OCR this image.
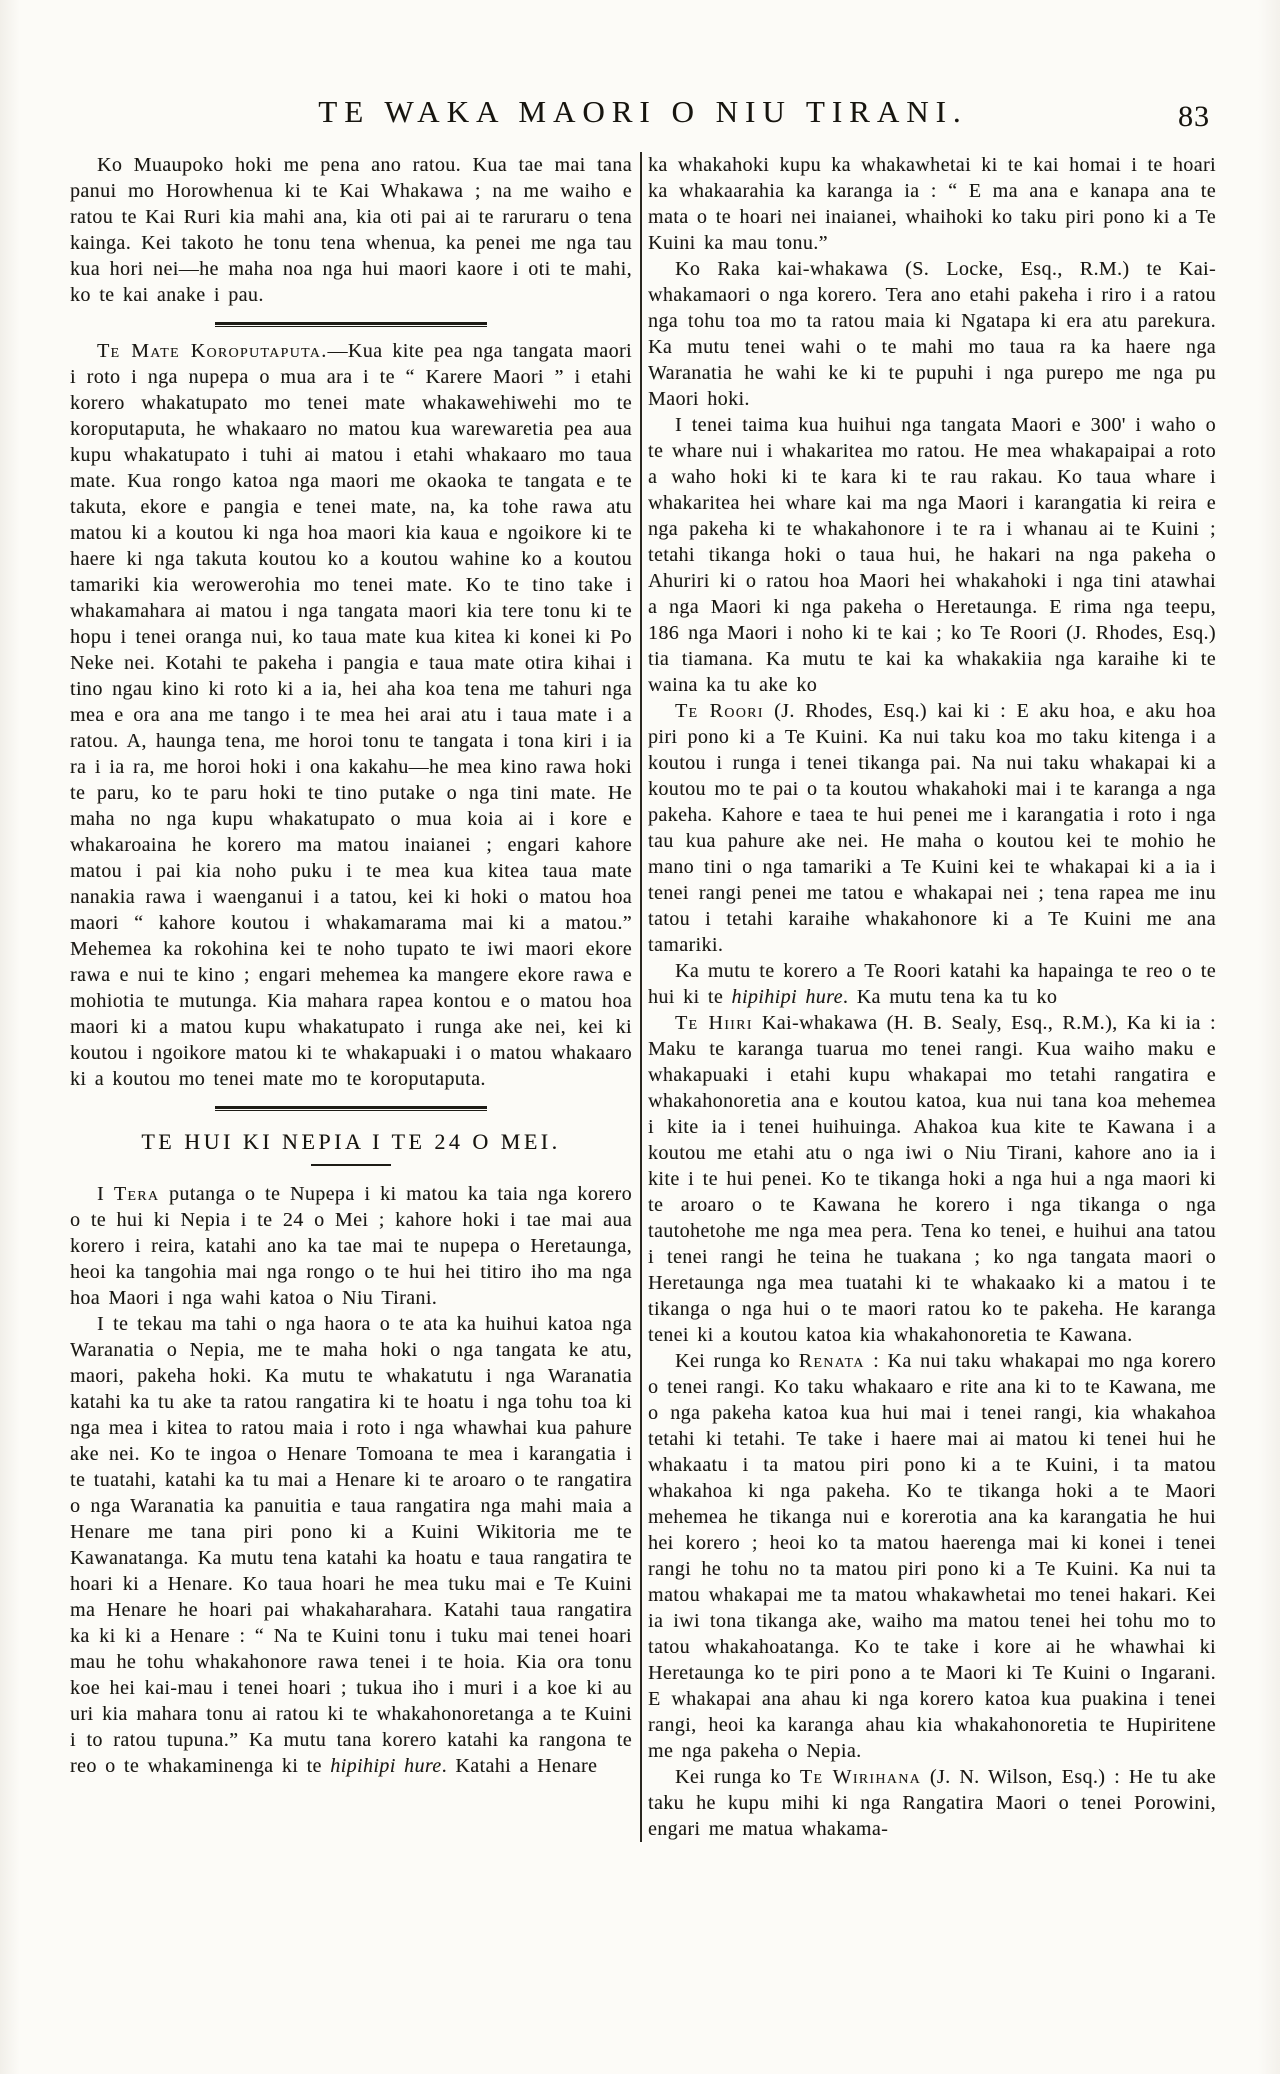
TE WAKA MAORI O NIU TIRANI.	83

Ko Muaupoko hoki me pena ano ratou. Kua tae mai tana panui mo Horowhenua ki te Kai Whakawa ; na me waiho e ratou te Kai Ruri kia mahi ana, kia oti pai ai te raruraru o tena kainga. Kei takoto he tonu tena whenua, ka penei me nga tau kua hori nei—he maha noa nga hui maori kaore i oti te mahi, ko te kai anake i pau.

Te Mate Koroputaputa.—Kua kite pea nga tangata maori i roto i nga nupepa o mua ara i te “ Karere Maori ” i etahi korero whakatupato mo tenei mate whakawehiwehi mo te koroputaputa, he whakaaro no matou kua warewaretia pea aua kupu whakatupato i tuhi ai matou i etahi whakaaro mo taua mate. Kua rongo katoa nga maori me okaoka te tangata e te takuta, ekore e pangia e tenei mate, na, ka tohe rawa atu matou ki a koutou ki nga hoa maori kia kaua e ngoikore ki te haere ki nga takuta koutou ko a koutou wahine ko a koutou tamariki kia werowerohia mo tenei mate. Ko te tino take i whakamahara ai matou i nga tangata maori kia tere tonu ki te hopu i tenei oranga nui, ko taua mate kua kitea ki konei ki Po Neke nei. Kotahi te pakeha i pangia e taua mate otira kihai i tino ngau kino ki roto ki a ia, hei aha koa tena me tahuri nga mea e ora ana me tango i te mea hei arai atu i taua mate i a ratou. A, haunga tena, me horoi tonu te tangata i tona kiri i ia ra i ia ra, me horoi hoki i ona kakahu—he mea kino rawa hoki te paru, ko te paru hoki te tino putake o nga tini mate. He maha no nga kupu whakatupato o mua koia ai i kore e whakaroaina he korero ma matou inaianei ; engari kahore matou i pai kia noho puku i te mea kua kitea taua mate nanakia rawa i waenganui i a tatou, kei ki hoki o matou hoa maori “ kahore koutou i whakamarama mai ki a matou.” Mehemea ka rokohina kei te noho tupato te iwi maori ekore rawa e nui te kino ; engari mehemea ka mangere ekore rawa e mohiotia te mutunga. Kia mahara rapea kontou e o matou hoa maori ki a matou kupu whakatupato i runga ake nei, kei ki koutou i ngoikore matou ki te whakapuaki i o matou whakaaro ki a koutou mo tenei mate mo te koroputaputa.

TE HUI KI NEPIA I TE 24 O MEI.

I Tera putanga o te Nupepa i ki matou ka taia nga korero o te hui ki Nepia i te 24 o Mei ; kahore hoki i tae mai aua korero i reira, katahi ano ka tae mai te nupepa o Heretaunga, heoi ka tangohia mai nga rongo o te hui hei titiro iho ma nga hoa Maori i nga wahi katoa o Niu Tirani.

I te tekau ma tahi o nga haora o te ata ka huihui katoa nga Waranatia o Nepia, me te maha hoki o nga tangata ke atu, maori, pakeha hoki. Ka mutu te whakatutu i nga Waranatia katahi ka tu ake ta ratou rangatira ki te hoatu i nga tohu toa ki nga mea i kitea to ratou maia i roto i nga whawhai kua pahure ake nei. Ko te ingoa o Henare Tomoana te mea i karangatia i te tuatahi, katahi ka tu mai a Henare ki te aroaro o te rangatira o nga Waranatia ka panuitia e taua rangatira nga mahi maia a Henare me tana piri pono ki a Kuini Wikitoria me te Kawanatanga. Ka mutu tena katahi ka hoatu e taua rangatira te hoari ki a Henare. Ko taua hoari he mea tuku mai e Te Kuini ma Henare he hoari pai whakaharahara. Katahi taua rangatira ka ki ki a Henare : “ Na te Kuini tonu i tuku mai tenei hoari mau he tohu whakahonore rawa tenei i te hoia. Kia ora tonu koe hei kai-mau i tenei hoari ; tukua iho i muri i a koe ki au uri kia mahara tonu ai ratou ki te whakahonoretanga a te Kuini i to ratou tupuna.” Ka mutu tana korero katahi ka rangona te reo o te whakaminenga ki te hipihipi hure. Katahi a Henare

ka whakahoki kupu ka whakawhetai ki te kai homai i te hoari ka whakaarahia ka karanga ia : “ E ma ana e kanapa ana te mata o te hoari nei inaianei, whaihoki ko taku piri pono ki a Te Kuini ka mau tonu.”

Ko Raka kai-whakawa (S. Locke, Esq., R.M.) te Kai-whakamaori o nga korero. Tera ano etahi pakeha i riro i a ratou nga tohu toa mo ta ratou maia ki Ngatapa ki era atu parekura. Ka mutu tenei wahi o te mahi mo taua ra ka haere nga Waranatia he wahi ke ki te pupuhi i nga purepo me nga pu Maori hoki.

I tenei taima kua huihui nga tangata Maori e 300' i waho o te whare nui i whakaritea mo ratou. He mea whakapaipai a roto a waho hoki ki te kara ki te rau rakau. Ko taua whare i whakaritea hei whare kai ma nga Maori i karangatia ki reira e nga pakeha ki te whakahonore i te ra i whanau ai te Kuini ; tetahi tikanga hoki o taua hui, he hakari na nga pakeha o Ahuriri ki o ratou hoa Maori hei whakahoki i nga tini atawhai a nga Maori ki nga pakeha o Heretaunga. E rima nga teepu, 186 nga Maori i noho ki te kai ; ko Te Roori (J. Rhodes, Esq.) tia tiamana. Ka mutu te kai ka whakakiia nga karaihe ki te waina ka tu ake ko

Te Roori (J. Rhodes, Esq.) kai ki : E aku hoa, e aku hoa piri pono ki a Te Kuini. Ka nui taku koa mo taku kitenga i a koutou i runga i tenei tikanga pai. Na nui taku whakapai ki a koutou mo te pai o ta koutou whakahoki mai i te karanga a nga pakeha. Kahore e taea te hui penei me i karangatia i roto i nga tau kua pahure ake nei. He maha o koutou kei te mohio he mano tini o nga tamariki a Te Kuini kei te whakapai ki a ia i tenei rangi penei me tatou e whakapai nei ; tena rapea me inu tatou i tetahi karaihe whakahonore ki a Te Kuini me ana tamariki.

Ka mutu te korero a Te Roori katahi ka hapainga te reo o te hui ki te hipihipi hure. Ka mutu tena ka tu ko

Te Hiiri Kai-whakawa (H. B. Sealy, Esq., R.M.), Ka ki ia : Maku te karanga tuarua mo tenei rangi. Kua waiho maku e whakapuaki i etahi kupu whakapai mo tetahi rangatira e whakahonoretia ana e koutou katoa, kua nui tana koa mehemea i kite ia i tenei huihuinga. Ahakoa kua kite te Kawana i a koutou me etahi atu o nga iwi o Niu Tirani, kahore ano ia i kite i te hui penei. Ko te tikanga hoki a nga hui a nga maori ki te aroaro o te Kawana he korero i nga tikanga o nga tautohetohe me nga mea pera. Tena ko tenei, e huihui ana tatou i tenei rangi he teina he tuakana ; ko nga tangata maori o Heretaunga nga mea tuatahi ki te whakaako ki a matou i te tikanga o nga hui o te maori ratou ko te pakeha. He karanga tenei ki a koutou katoa kia whakahonoretia te Kawana.

Kei runga ko Renata : Ka nui taku whakapai mo nga korero o tenei rangi. Ko taku whakaaro e rite ana ki to te Kawana, me o nga pakeha katoa kua hui mai i tenei rangi, kia whakahoa tetahi ki tetahi. Te take i haere mai ai matou ki tenei hui he whakaatu i ta matou piri pono ki a te Kuini, i ta matou whakahoa ki nga pakeha. Ko te tikanga hoki a te Maori mehemea he tikanga nui e korerotia ana ka karangatia he hui hei korero ; heoi ko ta matou haerenga mai ki konei i tenei rangi he tohu no ta matou piri pono ki a Te Kuini. Ka nui ta matou whakapai me ta matou whakawhetai mo tenei hakari. Kei ia iwi tona tikanga ake, waiho ma matou tenei hei tohu mo to tatou whakahoatanga. Ko te take i kore ai he whawhai ki Heretaunga ko te piri pono a te Maori ki Te Kuini o Ingarani. E whakapai ana ahau ki nga korero katoa kua puakina i tenei rangi, heoi ka karanga ahau kia whakahonoretia te Hupiritene me nga pakeha o Nepia.

Kei runga ko Te Wirihana (J. N. Wilson, Esq.) : He tu ake taku he kupu mihi ki nga Rangatira Maori o tenei Porowini, engari me matua whakama-
